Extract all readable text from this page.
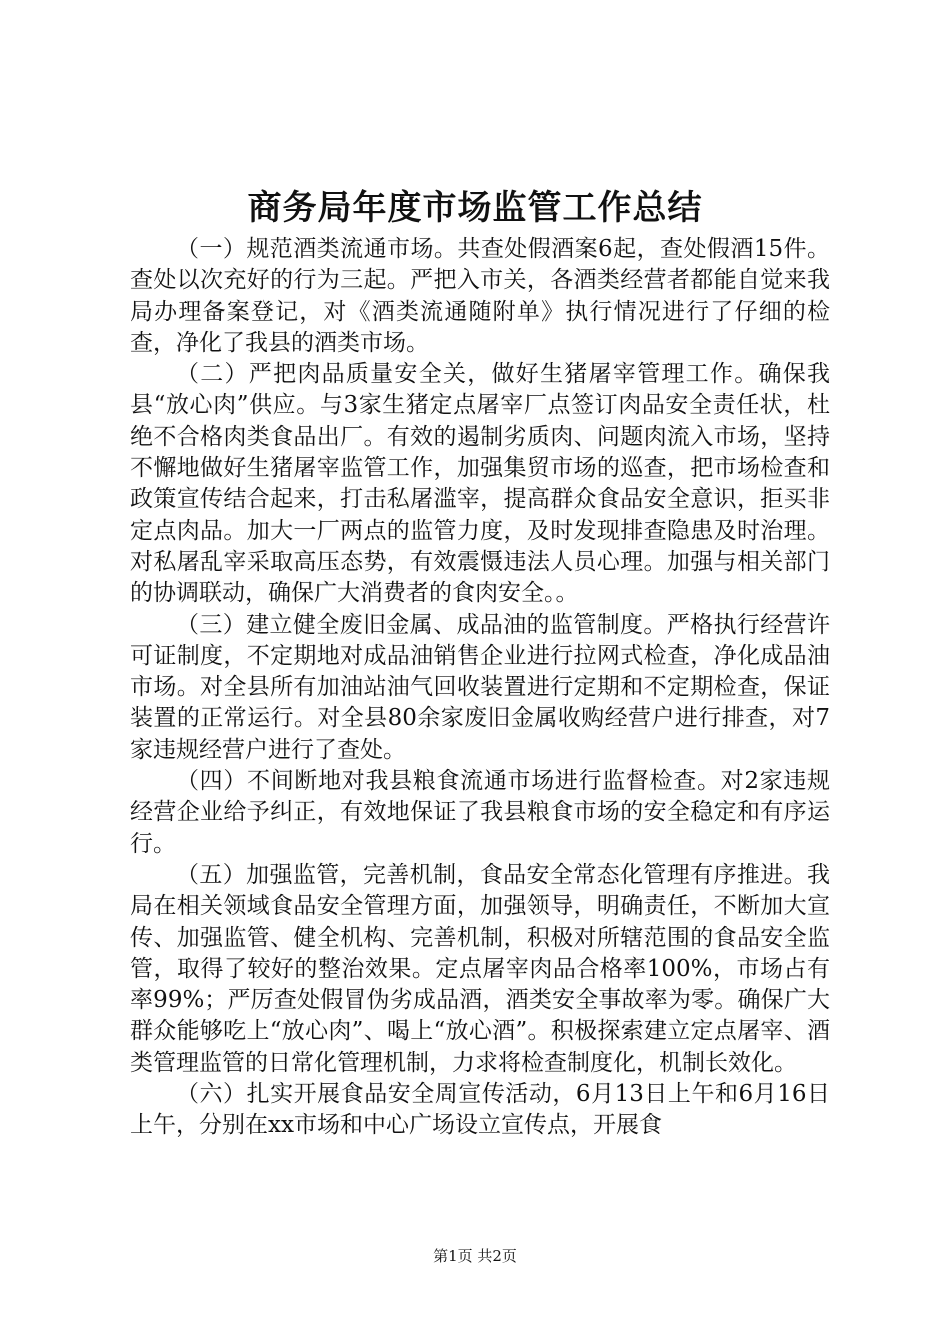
商务局年度市场监管工作总结

（一）规范酒类流通市场。共查处假酒案6起，查处假酒15件。查处以次充好的行为三起。严把入市关，各酒类经营者都能自觉来我局办理备案登记，对《酒类流通随附单》执行情况进行了仔细的检查，净化了我县的酒类市场。

（二）严把肉品质量安全关，做好生猪屠宰管理工作。确保我县“放心肉”供应。与3家生猪定点屠宰厂点签订肉品安全责任状，杜绝不合格肉类食品出厂。有效的遏制劣质肉、问题肉流入市场，坚持不懈地做好生猪屠宰监管工作，加强集贸市场的巡查，把市场检查和政策宣传结合起来，打击私屠滥宰，提高群众食品安全意识，拒买非定点肉品。加大一厂两点的监管力度，及时发现排查隐患及时治理。对私屠乱宰采取高压态势，有效震慑违法人员心理。加强与相关部门的协调联动，确保广大消费者的食肉安全。。

（三）建立健全废旧金属、成品油的监管制度。严格执行经营许可证制度，不定期地对成品油销售企业进行拉网式检查，净化成品油市场。对全县所有加油站油气回收装置进行定期和不定期检查，保证装置的正常运行。对全县80余家废旧金属收购经营户进行排查，对7家违规经营户进行了查处。

（四）不间断地对我县粮食流通市场进行监督检查。对2家违规经营企业给予纠正，有效地保证了我县粮食市场的安全稳定和有序运行。

（五）加强监管，完善机制，食品安全常态化管理有序推进。我局在相关领域食品安全管理方面，加强领导，明确责任，不断加大宣传、加强监管、健全机构、完善机制，积极对所辖范围的食品安全监管，取得了较好的整治效果。定点屠宰肉品合格率100%，市场占有率99%；严厉查处假冒伪劣成品酒，酒类安全事故率为零。确保广大群众能够吃上“放心肉”、喝上“放心酒”。积极探索建立定点屠宰、酒类管理监管的日常化管理机制，力求将检查制度化，机制长效化。

（六）扎实开展食品安全周宣传活动，6月13日上午和6月16日上午，分别在xx市场和中心广场设立宣传点，开展食

第1页 共2页
